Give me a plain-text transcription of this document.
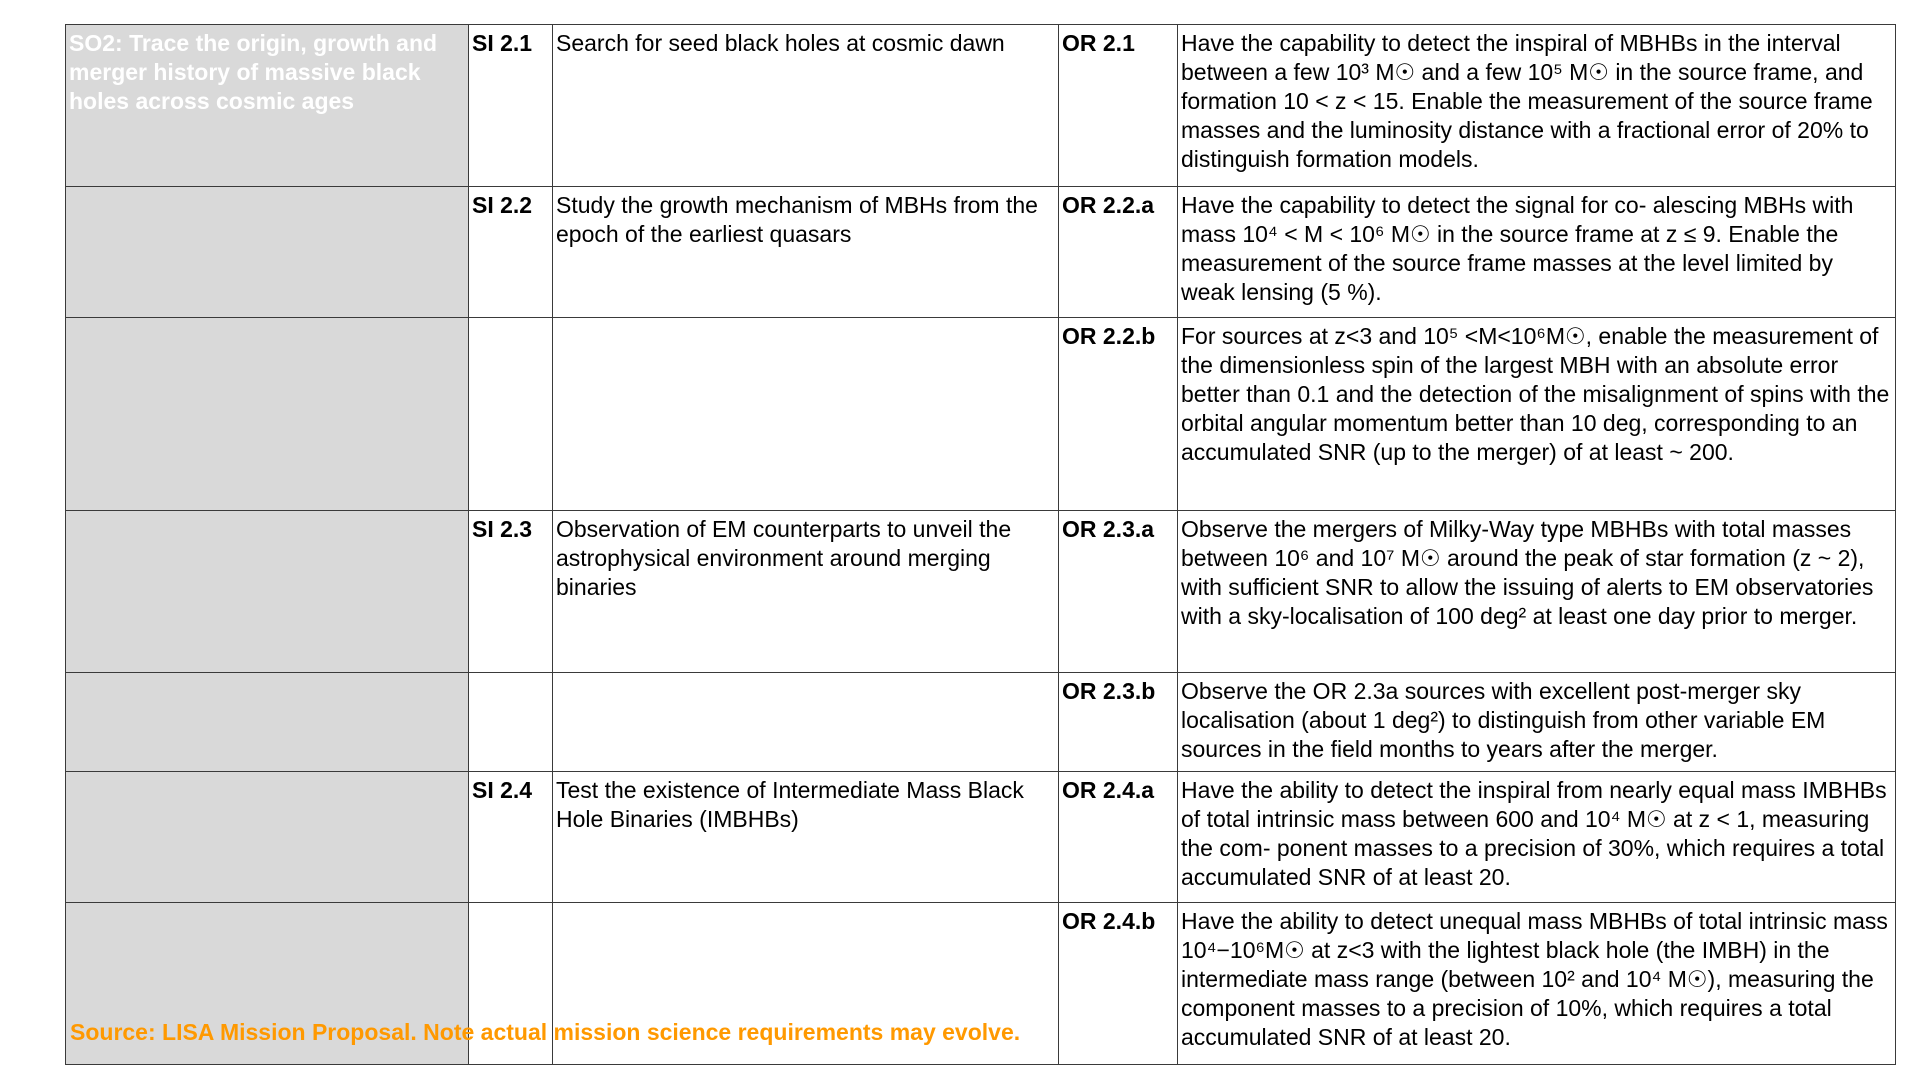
SO2: Trace the origin, growth and merger history of massive black holes across cosmic ages	SI 2.1	Search for seed black holes at cosmic dawn	OR 2.1	Have the capability to detect the inspiral of MBHBs in the interval between a few 10³ M☉ and a few 10⁵ M☉ in the source frame, and formation 10 < z < 15. Enable the measurement of the source frame masses and the luminosity distance with a fractional error of 20% to distinguish formation models.
	SI 2.2	Study the growth mechanism of MBHs from the epoch of the earliest quasars	OR 2.2.a	Have the capability to detect the signal for co- alescing MBHs with mass 10⁴ < M < 10⁶ M☉ in the source frame at z ≤ 9. Enable the measurement of the source frame masses at the level limited by weak lensing (5 %).
			OR 2.2.b	For sources at z<3 and 10⁵ <M<10⁶M☉, enable the measurement of the dimensionless spin of the largest MBH with an absolute error better than 0.1 and the detection of the misalignment of spins with the orbital angular momentum better than 10 deg, corresponding to an accumulated SNR (up to the merger) of at least ~ 200.
	SI 2.3	Observation of EM counterparts to unveil the astrophysical environment around merging binaries	OR 2.3.a	Observe the mergers of Milky-Way type MBHBs with total masses between 10⁶ and 10⁷ M☉ around the peak of star formation (z ~ 2), with sufficient SNR to allow the issuing of alerts to EM observatories with a sky-localisation of 100 deg² at least one day prior to merger.
			OR 2.3.b	Observe the OR 2.3a sources with excellent post-merger sky localisation (about 1 deg²) to distinguish from other variable EM sources in the field months to years after the merger.
	SI 2.4	Test the existence of Intermediate Mass Black Hole Binaries (IMBHBs)	OR 2.4.a	Have the ability to detect the inspiral from nearly equal mass IMBHBs of total intrinsic mass between 600 and 10⁴ M☉ at z < 1, measuring the com- ponent masses to a precision of 30%, which requires a total accumulated SNR of at least 20.
			OR 2.4.b	Have the ability to detect unequal mass MBHBs of total intrinsic mass 10⁴−10⁶M☉ at z<3 with the lightest black hole (the IMBH) in the intermediate mass range (between 10² and 10⁴ M☉), measuring the component masses to a precision of 10%, which requires a total accumulated SNR of at least 20.
Source: LISA Mission Proposal. Note actual mission science requirements may evolve.
